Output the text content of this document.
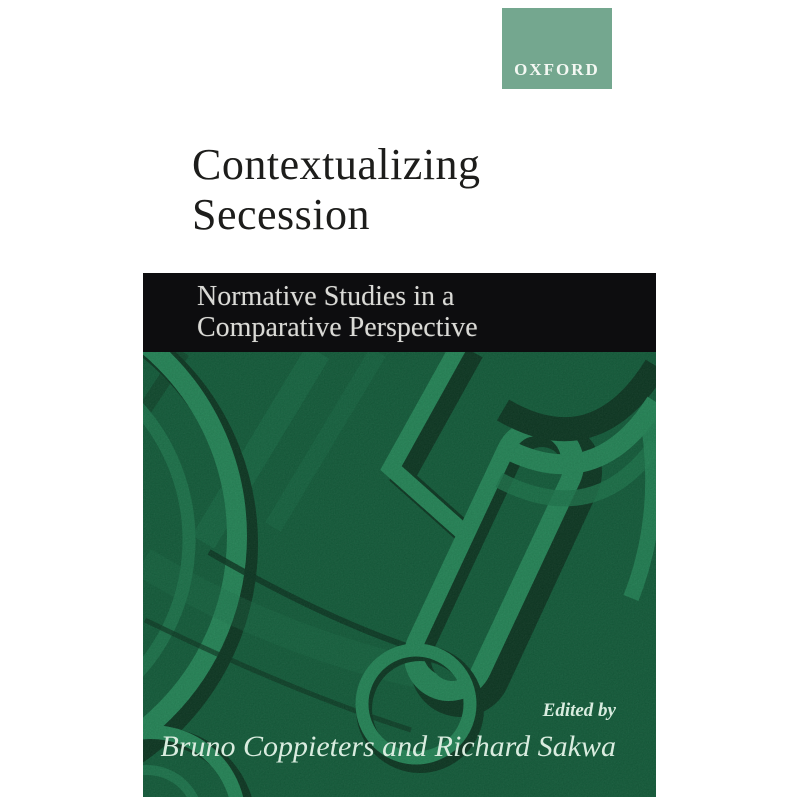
OXFORD
Contextualizing
Secession
Normative Studies in a
Comparative Perspective
Edited by
Bruno Coppieters and Richard Sakwa
